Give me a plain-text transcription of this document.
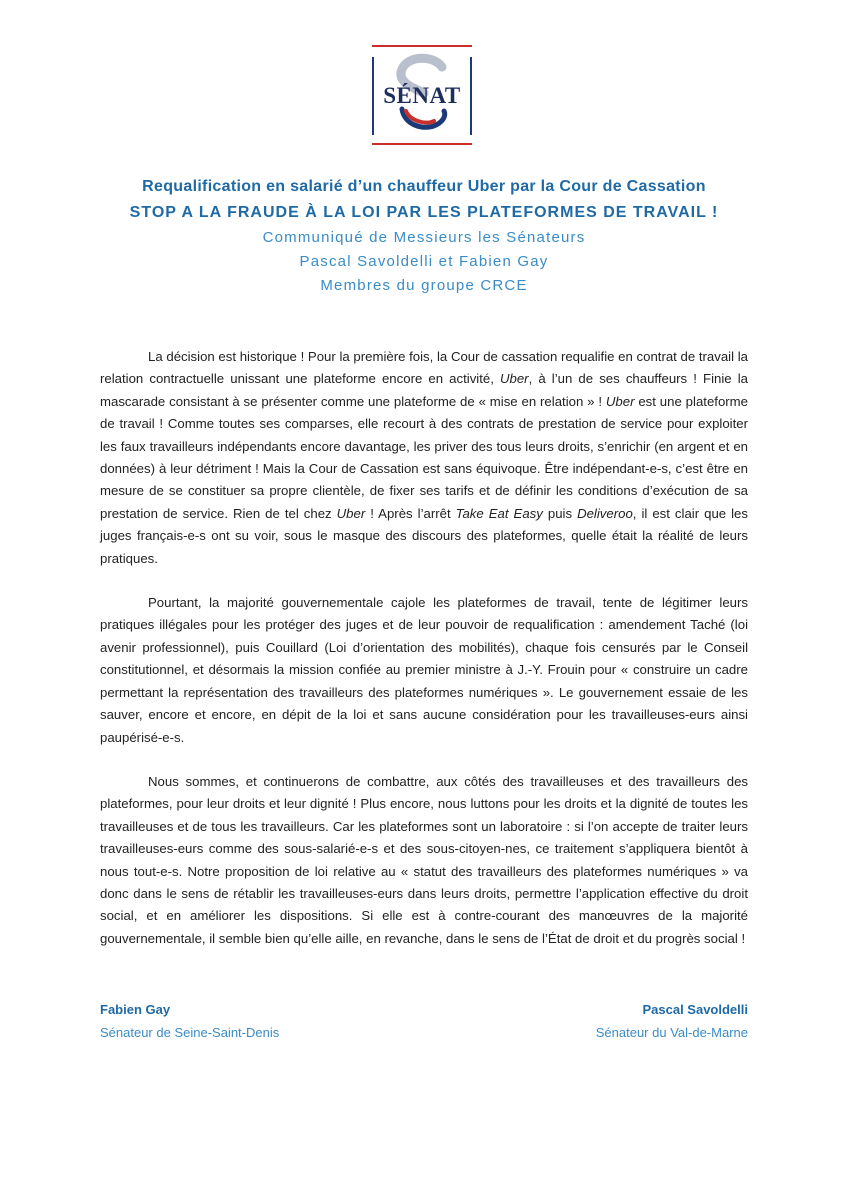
SÉNAT
Requalification en salarié d’un chauffeur Uber par la Cour de Cassation
STOP A LA FRAUDE À LA LOI PAR LES PLATEFORMES DE TRAVAIL !
Communiqué de Messieurs les Sénateurs
Pascal Savoldelli et Fabien Gay
Membres du groupe CRCE

La décision est historique ! Pour la première fois, la Cour de cassation requalifie en contrat de travail la relation contractuelle unissant une plateforme encore en activité, Uber, à l’un de ses chauffeurs ! Finie la mascarade consistant à se présenter comme une plateforme de « mise en relation » ! Uber est une plateforme de travail ! Comme toutes ses comparses, elle recourt à des contrats de prestation de service pour exploiter les faux travailleurs indépendants encore davantage, les priver des tous leurs droits, s’enrichir (en argent et en données) à leur détriment ! Mais la Cour de Cassation est sans équivoque. Être indépendant-e-s, c’est être en mesure de se constituer sa propre clientèle, de fixer ses tarifs et de définir les conditions d’exécution de sa prestation de service. Rien de tel chez Uber ! Après l’arrêt Take Eat Easy puis Deliveroo, il est clair que les juges français-e-s ont su voir, sous le masque des discours des plateformes, quelle était la réalité de leurs pratiques.

Pourtant, la majorité gouvernementale cajole les plateformes de travail, tente de légitimer leurs pratiques illégales pour les protéger des juges et de leur pouvoir de requalification : amendement Taché (loi avenir professionnel), puis Couillard (Loi d’orientation des mobilités), chaque fois censurés par le Conseil constitutionnel, et désormais la mission confiée au premier ministre à J.-Y. Frouin pour « construire un cadre permettant la représentation des travailleurs des plateformes numériques ». Le gouvernement essaie de les sauver, encore et encore, en dépit de la loi et sans aucune considération pour les travailleuses-eurs ainsi paupérisé-e-s.

Nous sommes, et continuerons de combattre, aux côtés des travailleuses et des travailleurs des plateformes, pour leur droits et leur dignité ! Plus encore, nous luttons pour les droits et la dignité de toutes les travailleuses et de tous les travailleurs. Car les plateformes sont un laboratoire : si l’on accepte de traiter leurs travailleuses-eurs comme des sous-salarié-e-s et des sous-citoyen-nes, ce traitement s’appliquera bientôt à nous tout-e-s. Notre proposition de loi relative au « statut des travailleurs des plateformes numériques » va donc dans le sens de rétablir les travailleuses-eurs dans leurs droits, permettre l’application effective du droit social, et en améliorer les dispositions. Si elle est à contre-courant des manœuvres de la majorité gouvernementale, il semble bien qu’elle aille, en revanche, dans le sens de l’État de droit et du progrès social !

Fabien Gay
Sénateur de Seine-Saint-Denis
Pascal Savoldelli
Sénateur du Val-de-Marne
